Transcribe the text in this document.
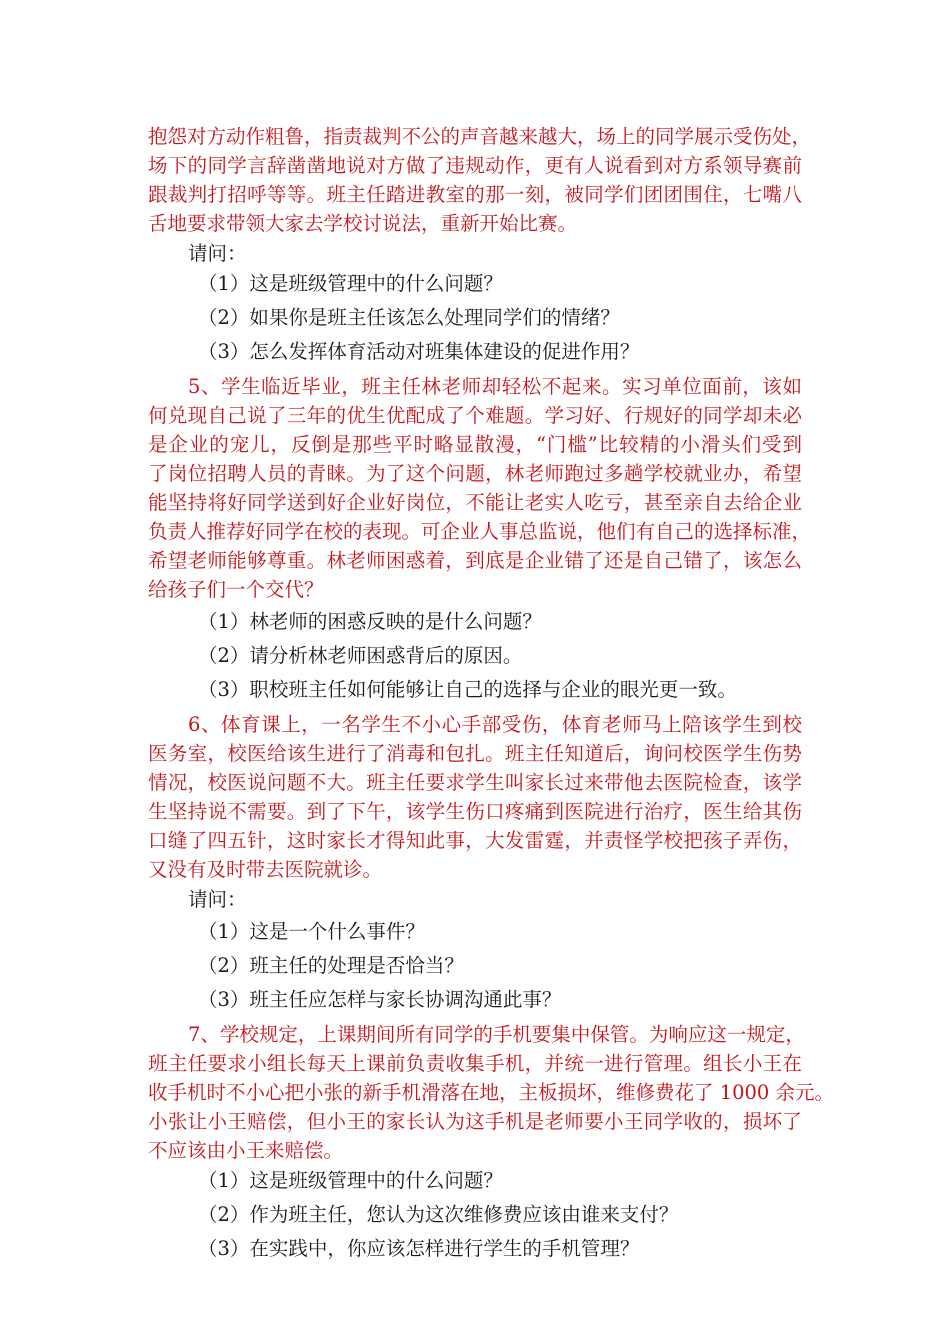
抱怨对方动作粗鲁，指责裁判不公的声音越来越大，场上的同学展示受伤处，
场下的同学言辞凿凿地说对方做了违规动作，更有人说看到对方系领导赛前
跟裁判打招呼等等。班主任踏进教室的那一刻，被同学们团团围住，七嘴八
舌地要求带领大家去学校讨说法，重新开始比赛。
请问：
（1）这是班级管理中的什么问题？
（2）如果你是班主任该怎么处理同学们的情绪？
（3）怎么发挥体育活动对班集体建设的促进作用？
5、学生临近毕业，班主任林老师却轻松不起来。实习单位面前，该如
何兑现自己说了三年的优生优配成了个难题。学习好、行规好的同学却未必
是企业的宠儿，反倒是那些平时略显散漫，“门槛”比较精的小滑头们受到
了岗位招聘人员的青睐。为了这个问题，林老师跑过多趟学校就业办，希望
能坚持将好同学送到好企业好岗位，不能让老实人吃亏，甚至亲自去给企业
负责人推荐好同学在校的表现。可企业人事总监说，他们有自己的选择标准，
希望老师能够尊重。林老师困惑着，到底是企业错了还是自己错了，该怎么
给孩子们一个交代？
（1）林老师的困惑反映的是什么问题？
（2）请分析林老师困惑背后的原因。
（3）职校班主任如何能够让自己的选择与企业的眼光更一致。
6、体育课上，一名学生不小心手部受伤，体育老师马上陪该学生到校
医务室，校医给该生进行了消毒和包扎。班主任知道后，询问校医学生伤势
情况，校医说问题不大。班主任要求学生叫家长过来带他去医院检查，该学
生坚持说不需要。到了下午，该学生伤口疼痛到医院进行治疗，医生给其伤
口缝了四五针，这时家长才得知此事，大发雷霆，并责怪学校把孩子弄伤，
又没有及时带去医院就诊。
请问：
（1）这是一个什么事件？
（2）班主任的处理是否恰当？
（3）班主任应怎样与家长协调沟通此事？
7、学校规定，上课期间所有同学的手机要集中保管。为响应这一规定，
班主任要求小组长每天上课前负责收集手机，并统一进行管理。组长小王在
收手机时不小心把小张的新手机滑落在地，主板损坏，维修费花了 1000 余元。
小张让小王赔偿，但小王的家长认为这手机是老师要小王同学收的，损坏了
不应该由小王来赔偿。
（1）这是班级管理中的什么问题？
（2）作为班主任，您认为这次维修费应该由谁来支付？
（3）在实践中，你应该怎样进行学生的手机管理？
